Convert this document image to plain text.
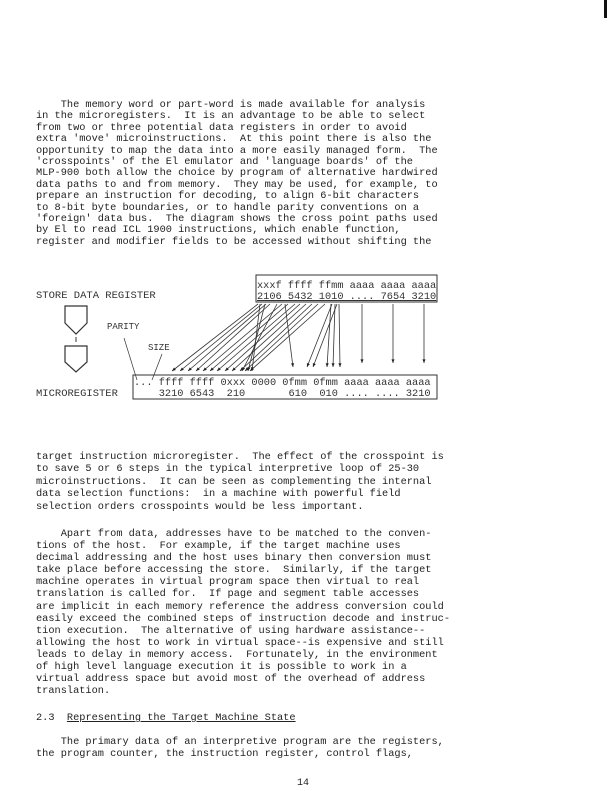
The memory word or part-word is made available for analysis
in the microregisters.  It is an advantage to be able to select
from two or three potential data registers in order to avoid
extra 'move' microinstructions.  At this point there is also the
opportunity to map the data into a more easily managed form.  The
'crosspoints' of the El emulator and 'language boards' of the
MLP-900 both allow the choice by program of alternative hardwired
data paths to and from memory.  They may be used, for example, to
prepare an instruction for decoding, to align 6-bit characters
to 8-bit byte boundaries, or to handle parity conventions on a
'foreign' data bus.  The diagram shows the cross point paths used
by El to read ICL 1900 instructions, which enable function,
register and modifier fields to be accessed without shifting the
STORE DATA REGISTER
MICROREGISTER
PARITY
SIZE
xxxf ffff ffmm aaaa aaaa aaaa
2106 5432 1010 .... 7654 3210
... ffff ffff 0xxx 0000 0fmm 0fmm aaaa aaaa aaaa
3210 6543  210       610  010 .... .... 3210
target instruction microregister.  The effect of the crosspoint is
to save 5 or 6 steps in the typical interpretive loop of 25-30
microinstructions.  It can be seen as complementing the internal
data selection functions:  in a machine with powerful field
selection orders crosspoints would be less important.
Apart from data, addresses have to be matched to the conven-
tions of the host.  For example, if the target machine uses
decimal addressing and the host uses binary then conversion must
take place before accessing the store.  Similarly, if the target
machine operates in virtual program space then virtual to real
translation is called for.  If page and segment table accesses
are implicit in each memory reference the address conversion could
easily exceed the combined steps of instruction decode and instruc-
tion execution.  The alternative of using hardware assistance--
allowing the host to work in virtual space--is expensive and still
leads to delay in memory access.  Fortunately, in the environment
of high level language execution it is possible to work in a
virtual address space but avoid most of the overhead of address
translation.
2.3 Representing the Target Machine State
The primary data of an interpretive program are the registers,
the program counter, the instruction register, control flags,
14
